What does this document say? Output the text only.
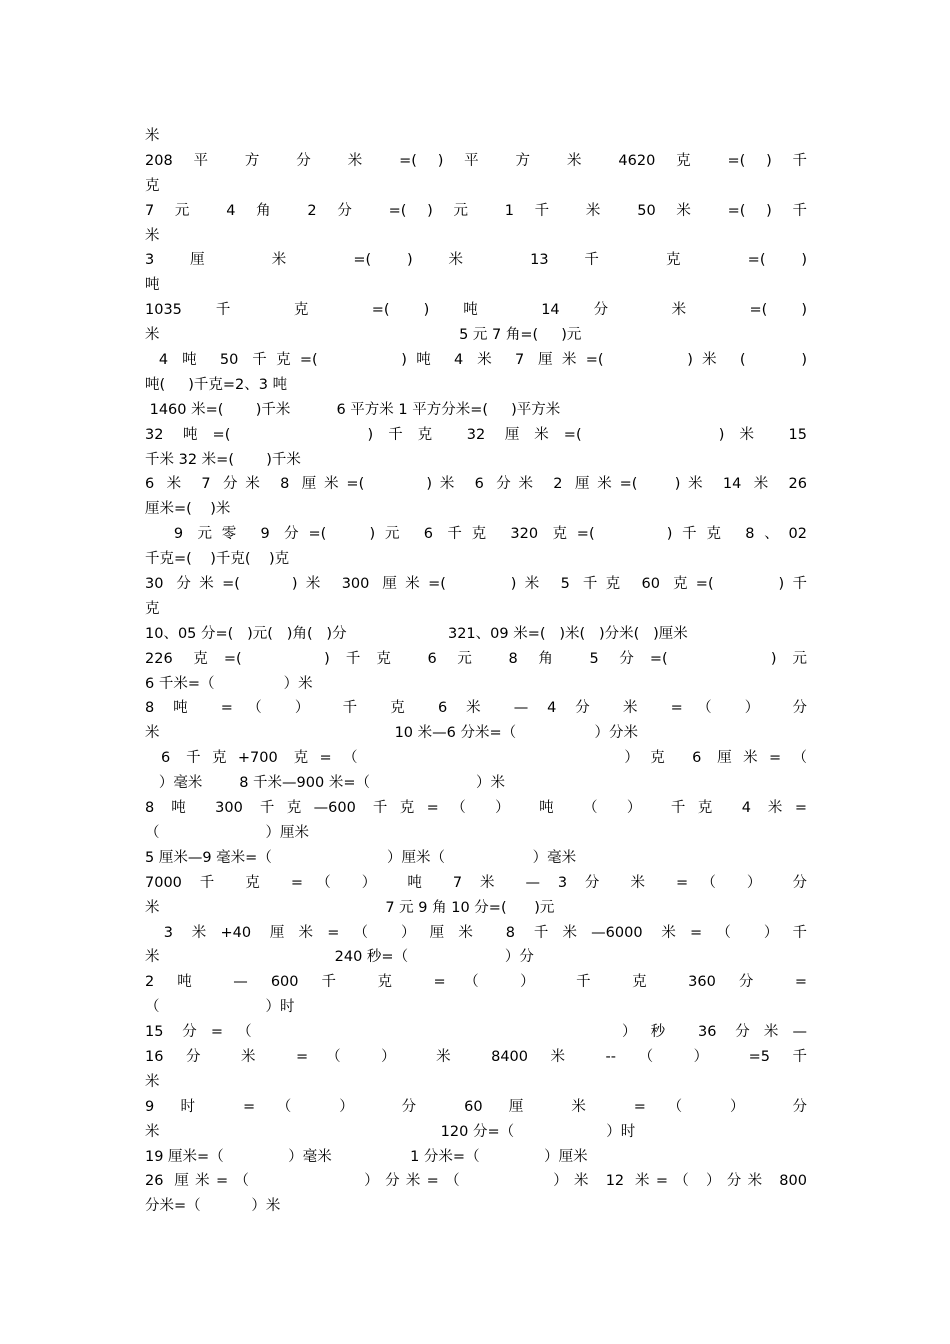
米
208 平 方 分 米 =( ) 平 方 米 4620 克 =( ) 千
克
7 元 4 角 2 分 =( ) 元 1 千 米 50 米 =( ) 千
米
3 厘 米 =( ) 米 13 千 克 =( )
吨
1035 千 克 =( ) 吨 14 分 米 =( )
米                                                                 5 元 7 角=(     )元
4 吨 50 千克=(      )吨 4 米 7 厘米=(      )米 (    )
吨(     )千克=2、3 吨
1460 米=(       )千米          6 平方米 1 平方分米=(     )平方米
32 吨=(       )千克 32 厘米=(       )米 15
千米 32 米=(       )千米
6 米 7 分米 8 厘米=(     )米 6 分米 2 厘米=(   )米 14 米 26
厘米=(    )米
9 元零 9 分=(   )元 6 千克 320 克=(     )千克 8、02
千克=(    )千克(    )克
30 分米=(    )米 300 厘米=(     )米 5 千克 60 克=(     )千
克
10、05 分=(   )元(   )角(   )分                      321、09 米=(   )米(   )分米(   )厘米
226 克=(    )千克 6 元 8 角 5 分=(     )元
6 千米=（               ）米
8 吨 =（ ） 千 克 6 米 — 4 分 米 =（ ） 分
米                                                   10 米—6 分米=（                 ）分米
6 千克+700 克=（                ）克 6 厘米=（
）毫米        8 千米—900 米=（                       ）米
8 吨 300 千克—600 千克=（ ） 吨 （ ） 千克 4 米=
（                       ）厘米
5 厘米—9 毫米=（                         ）厘米（                   ）毫米
7000 千 克 =（ ） 吨 7 米 — 3 分 米 =（ ） 分
米                                                 7 元 9 角 10 分=(      )元
3 米+40 厘米=（ ）厘米 8 千米—6000 米=（ ）千
米                                      240 秒=（                     ）分
2 吨 — 600 千 克 =（ ） 千 克 360 分 =
（                       ）时
15 分=（                   ）秒 36 分米—
16 分 米 =（ ） 米 8400 米 -- （ ） =5 千
米
9 时 =（ ） 分 60 厘 米 =（ ） 分
米                                                             120 分=（                    ）时
19 厘米=（              ）毫米                 1 分米=（              ）厘米
26 厘米=（          ）分米=（        ）米 12 米=（ ）分米 800
分米=（           ）米
